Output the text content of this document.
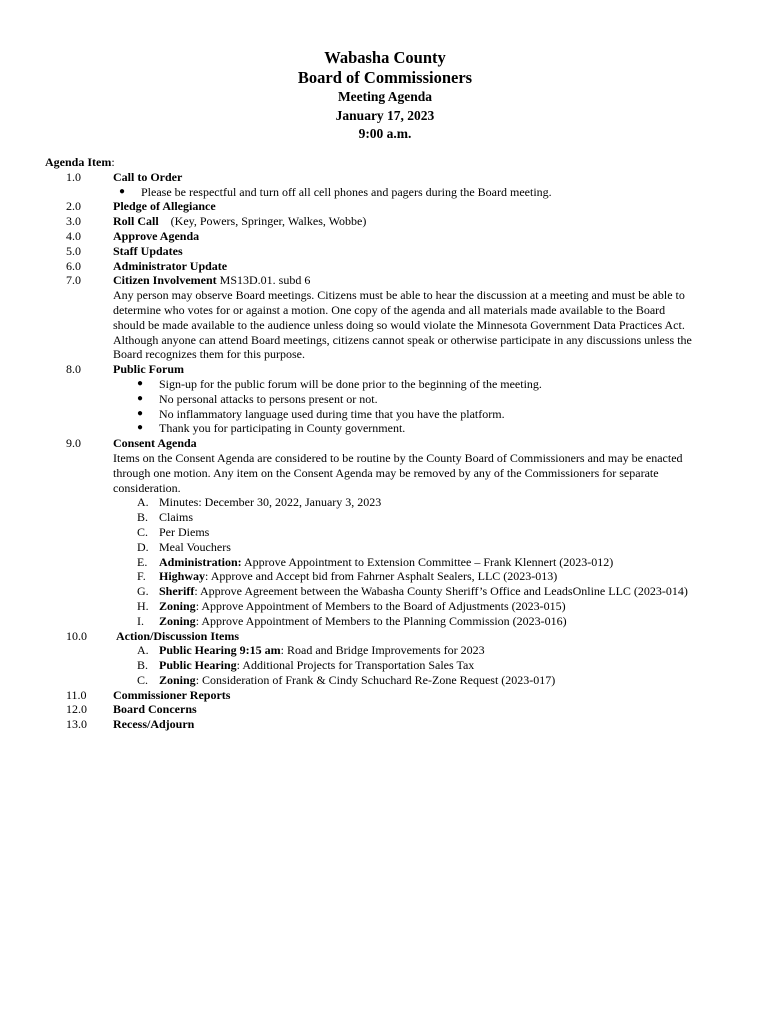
Wabasha County
Board of Commissioners
Meeting Agenda
January 17, 2023
9:00 a.m.
Agenda Item:
1.0	Call to Order
● Please be respectful and turn off all cell phones and pagers during the Board meeting.
2.0	Pledge of Allegiance
3.0	Roll Call (Key, Powers, Springer, Walkes, Wobbe)
4.0	Approve Agenda
5.0	Staff Updates
6.0	Administrator Update
7.0	Citizen Involvement MS13D.01. subd 6
Any person may observe Board meetings. Citizens must be able to hear the discussion at a meeting and must be able to
determine who votes for or against a motion. One copy of the agenda and all materials made available to the Board
should be made available to the audience unless doing so would violate the Minnesota Government Data Practices Act.
Although anyone can attend Board meetings, citizens cannot speak or otherwise participate in any discussions unless the
Board recognizes them for this purpose.
8.0	Public Forum
● Sign-up for the public forum will be done prior to the beginning of the meeting.
● No personal attacks to persons present or not.
● No inflammatory language used during time that you have the platform.
● Thank you for participating in County government.
9.0	Consent Agenda
Items on the Consent Agenda are considered to be routine by the County Board of Commissioners and may be enacted
through one motion. Any item on the Consent Agenda may be removed by any of the Commissioners for separate
consideration.
A. Minutes: December 30, 2022, January 3, 2023
B. Claims
C. Per Diems
D. Meal Vouchers
E. Administration: Approve Appointment to Extension Committee – Frank Klennert (2023-012)
F. Highway: Approve and Accept bid from Fahrner Asphalt Sealers, LLC (2023-013)
G. Sheriff: Approve Agreement between the Wabasha County Sheriff’s Office and LeadsOnline LLC (2023-014)
H. Zoning: Approve Appointment of Members to the Board of Adjustments (2023-015)
I. Zoning: Approve Appointment of Members to the Planning Commission (2023-016)
10.0	Action/Discussion Items
A. Public Hearing 9:15 am: Road and Bridge Improvements for 2023
B. Public Hearing: Additional Projects for Transportation Sales Tax
C. Zoning: Consideration of Frank & Cindy Schuchard Re-Zone Request (2023-017)
11.0	Commissioner Reports
12.0	Board Concerns
13.0	Recess/Adjourn
